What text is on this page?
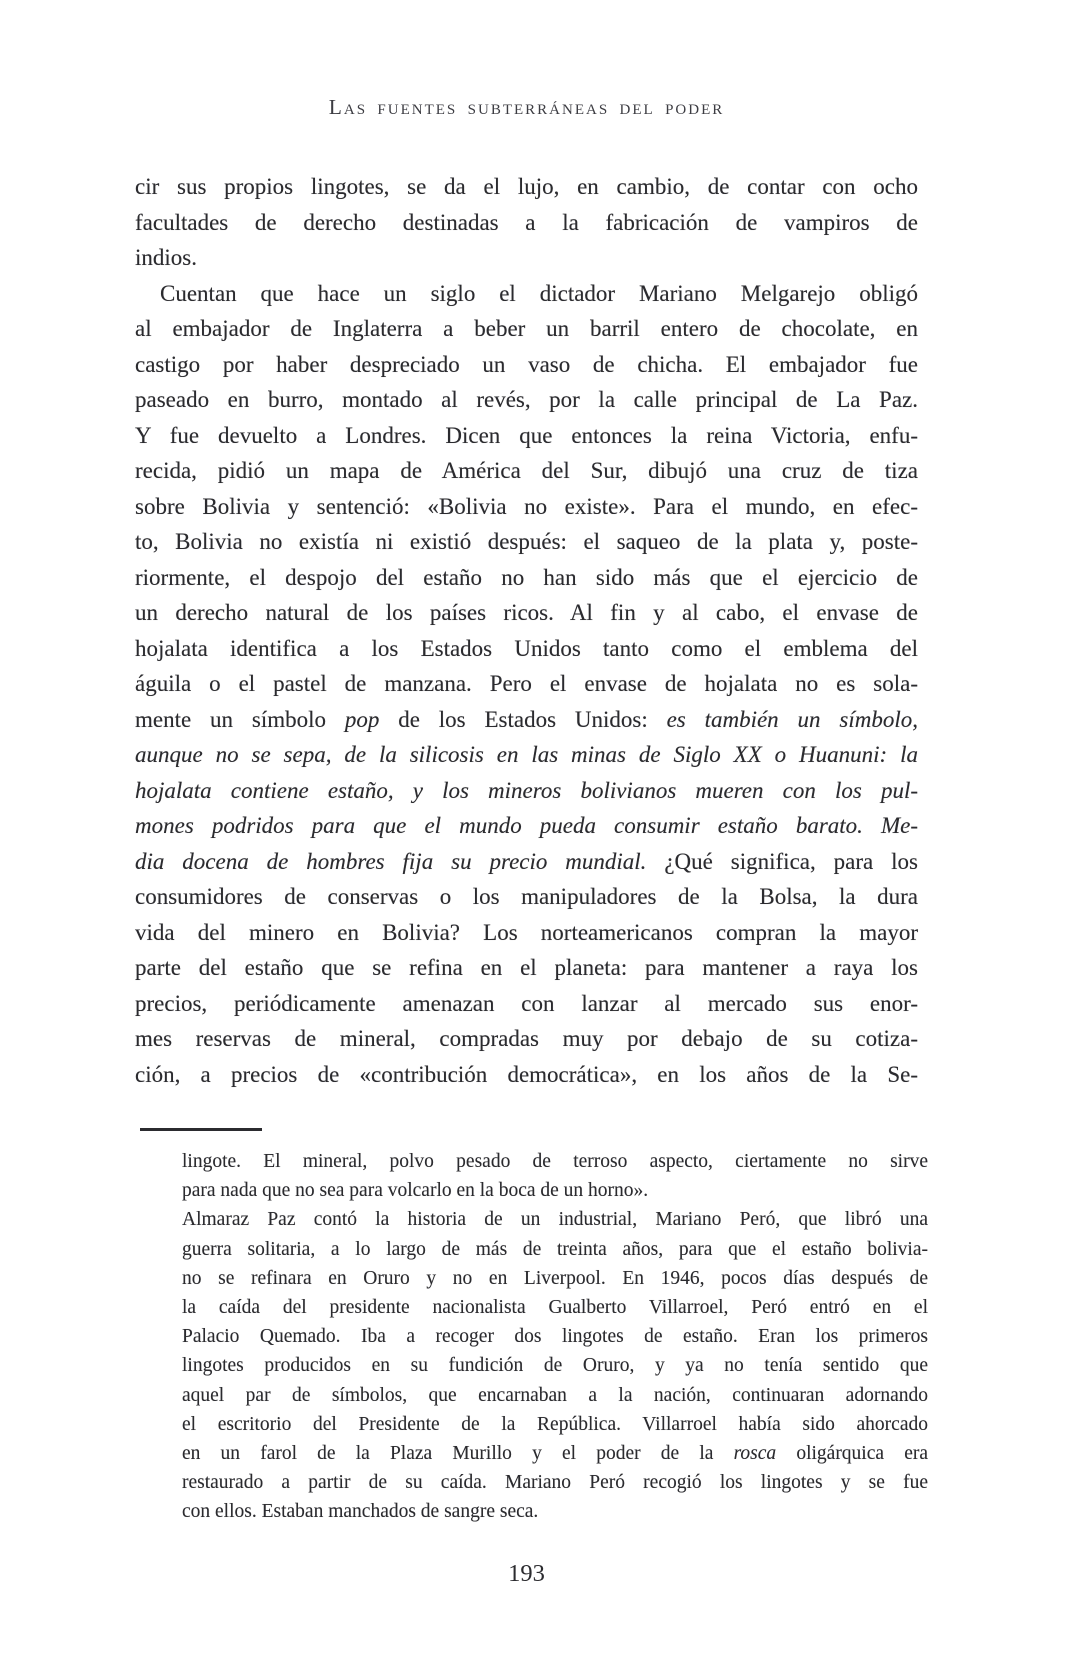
Las fuentes subterráneas del poder
cir sus propios lingotes, se da el lujo, en cambio, de contar con ocho
facultades de derecho destinadas a la fabricación de vampiros de
indios.
Cuentan que hace un siglo el dictador Mariano Melgarejo obligó
al embajador de Inglaterra a beber un barril entero de chocolate, en
castigo por haber despreciado un vaso de chicha. El embajador fue
paseado en burro, montado al revés, por la calle principal de La Paz.
Y fue devuelto a Londres. Dicen que entonces la reina Victoria, enfu-
recida, pidió un mapa de América del Sur, dibujó una cruz de tiza
sobre Bolivia y sentenció: «Bolivia no existe». Para el mundo, en efec-
to, Bolivia no existía ni existió después: el saqueo de la plata y, poste-
riormente, el despojo del estaño no han sido más que el ejercicio de
un derecho natural de los países ricos. Al fin y al cabo, el envase de
hojalata identifica a los Estados Unidos tanto como el emblema del
águila o el pastel de manzana. Pero el envase de hojalata no es sola-
mente un símbolo pop de los Estados Unidos: es también un símbolo,
aunque no se sepa, de la silicosis en las minas de Siglo XX o Huanuni: la
hojalata contiene estaño, y los mineros bolivianos mueren con los pul-
mones podridos para que el mundo pueda consumir estaño barato. Me-
dia docena de hombres fija su precio mundial. ¿Qué significa, para los
consumidores de conservas o los manipuladores de la Bolsa, la dura
vida del minero en Bolivia? Los norteamericanos compran la mayor
parte del estaño que se refina en el planeta: para mantener a raya los
precios, periódicamente amenazan con lanzar al mercado sus enor-
mes reservas de mineral, compradas muy por debajo de su cotiza-
ción, a precios de «contribución democrática», en los años de la Se-
lingote. El mineral, polvo pesado de terroso aspecto, ciertamente no sirve
para nada que no sea para volcarlo en la boca de un horno».
Almaraz Paz contó la historia de un industrial, Mariano Peró, que libró una
guerra solitaria, a lo largo de más de treinta años, para que el estaño bolivia-
no se refinara en Oruro y no en Liverpool. En 1946, pocos días después de
la caída del presidente nacionalista Gualberto Villarroel, Peró entró en el
Palacio Quemado. Iba a recoger dos lingotes de estaño. Eran los primeros
lingotes producidos en su fundición de Oruro, y ya no tenía sentido que
aquel par de símbolos, que encarnaban a la nación, continuaran adornando
el escritorio del Presidente de la República. Villarroel había sido ahorcado
en un farol de la Plaza Murillo y el poder de la rosca oligárquica era
restaurado a partir de su caída. Mariano Peró recogió los lingotes y se fue
con ellos. Estaban manchados de sangre seca.
193
